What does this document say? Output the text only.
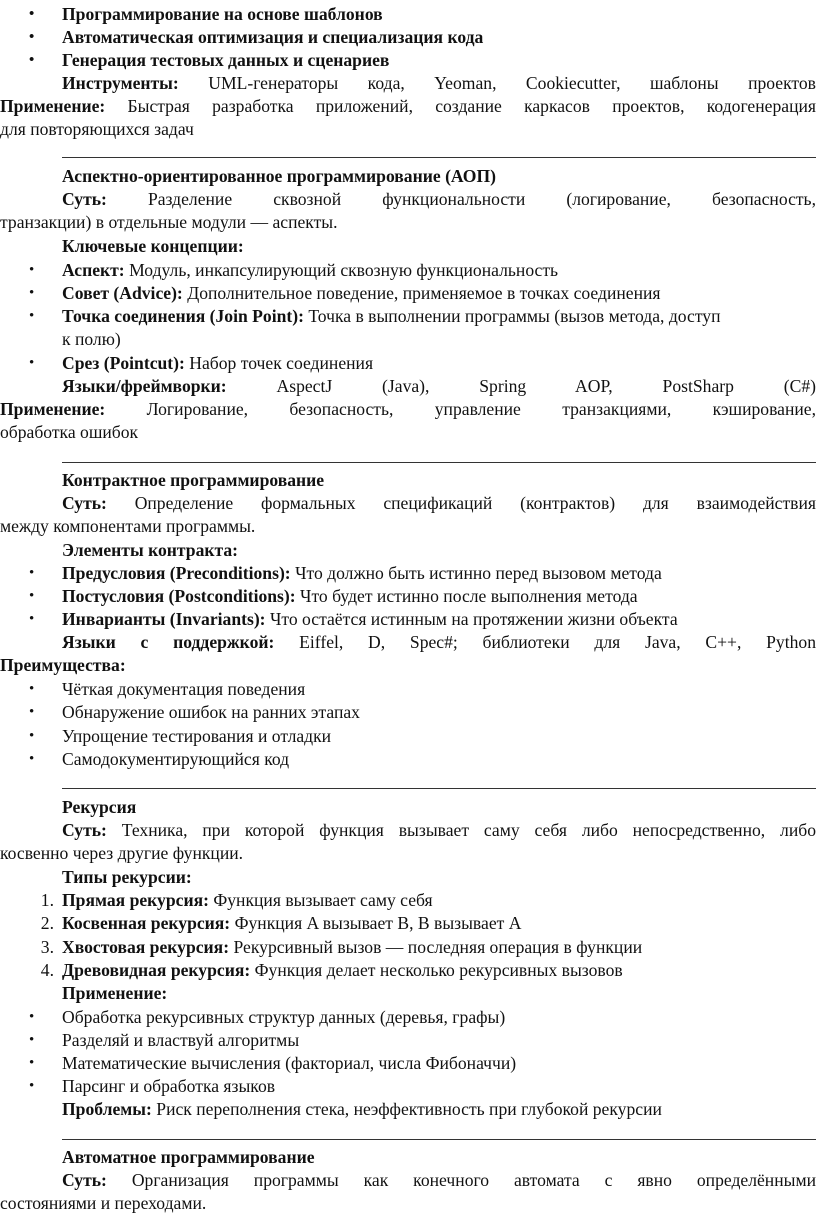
• Программирование на основе шаблонов
• Автоматическая оптимизация и специализация кода
• Генерация тестовых данных и сценариев
Инструменты: UML-генераторы кода, Yeoman, Cookiecutter, шаблоны проектов
Применение: Быстрая разработка приложений, создание каркасов проектов, кодогенерация
для повторяющихся задач
Аспектно-ориентированное программирование (АОП)
Суть: Разделение сквозной функциональности (логирование, безопасность,
транзакции) в отдельные модули — аспекты.
Ключевые концепции:
• Аспект: Модуль, инкапсулирующий сквозную функциональность
• Совет (Advice): Дополнительное поведение, применяемое в точках соединения
• Точка соединения (Join Point): Точка в выполнении программы (вызов метода, доступ
к полю)
• Срез (Pointcut): Набор точек соединения
Языки/фреймворки:	AspectJ (Java), Spring AOP, PostSharp (C#)
Применение: Логирование, безопасность, управление транзакциями, кэширование,
обработка ошибок
Контрактное программирование
Суть: Определение формальных спецификаций (контрактов) для взаимодействия
между компонентами программы.
Элементы контракта:
• Предусловия (Preconditions): Что должно быть истинно перед вызовом метода
• Постусловия (Postconditions): Что будет истинно после выполнения метода
• Инварианты (Invariants): Что остаётся истинным на протяжении жизни объекта
Языки с поддержкой: Eiffel, D, Spec#; библиотеки для Java, C++, Python
Преимущества:
• Чёткая документация поведения
• Обнаружение ошибок на ранних этапах
• Упрощение тестирования и отладки
• Самодокументирующийся код
Рекурсия
Суть: Техника, при которой функция вызывает саму себя либо непосредственно, либо
косвенно через другие функции.
Типы рекурсии:
1. Прямая рекурсия: Функция вызывает саму себя
2. Косвенная рекурсия: Функция A вызывает B, B вызывает A
3. Хвостовая рекурсия: Рекурсивный вызов — последняя операция в функции
4. Древовидная рекурсия: Функция делает несколько рекурсивных вызовов
Применение:
• Обработка рекурсивных структур данных (деревья, графы)
• Разделяй и властвуй алгоритмы
• Математические вычисления (факториал, числа Фибоначчи)
• Парсинг и обработка языков
Проблемы: Риск переполнения стека, неэффективность при глубокой рекурсии
Автоматное программирование
Суть: Организация программы как конечного автомата с явно определёнными
состояниями и переходами.
